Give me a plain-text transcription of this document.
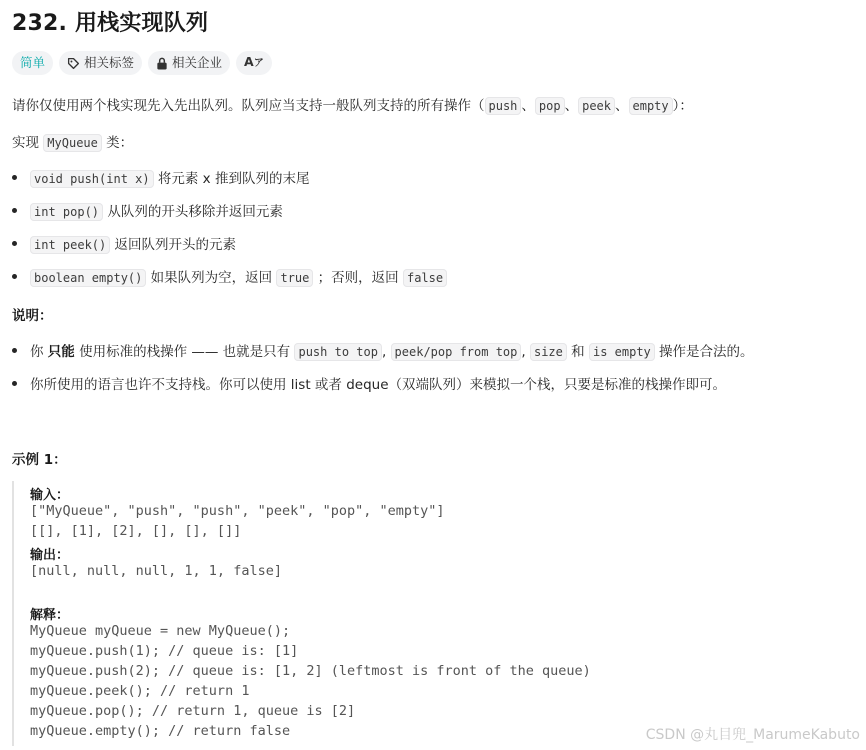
232. 用栈实现队列
简单	相关标签	相关企业 Aア
请你仅使用两个栈实现先入先出队列。队列应当支持一般队列支持的所有操作（ push 、 pop 、 peek 、 empty ）：
实现 MyQueue 类：
void push(int x) 将元素 x 推到队列的末尾
int pop() 从队列的开头移除并返回元素
int peek() 返回队列开头的元素
boolean empty() 如果队列为空，返回 true ；否则，返回 false
说明：
你 只能 使用标准的栈操作 —— 也就是只有 push to top , peek/pop from top , size 和 is empty 操作是合法的。
你所使用的语言也许不支持栈。你可以使用 list 或者 deque（双端队列）来模拟一个栈，只要是标准的栈操作即可。
示例 1：
输入：
["MyQueue", "push", "push", "peek", "pop", "empty"]
[[], [1], [2], [], [], []]
输出：
[null, null, null, 1, 1, false]
解释：
MyQueue myQueue = new MyQueue();
myQueue.push(1); // queue is: [1]
myQueue.push(2); // queue is: [1, 2] (leftmost is front of the queue)
myQueue.peek(); // return 1
myQueue.pop(); // return 1, queue is [2]
myQueue.empty(); // return false	CSDN @丸目兜_MarumeKabuto
